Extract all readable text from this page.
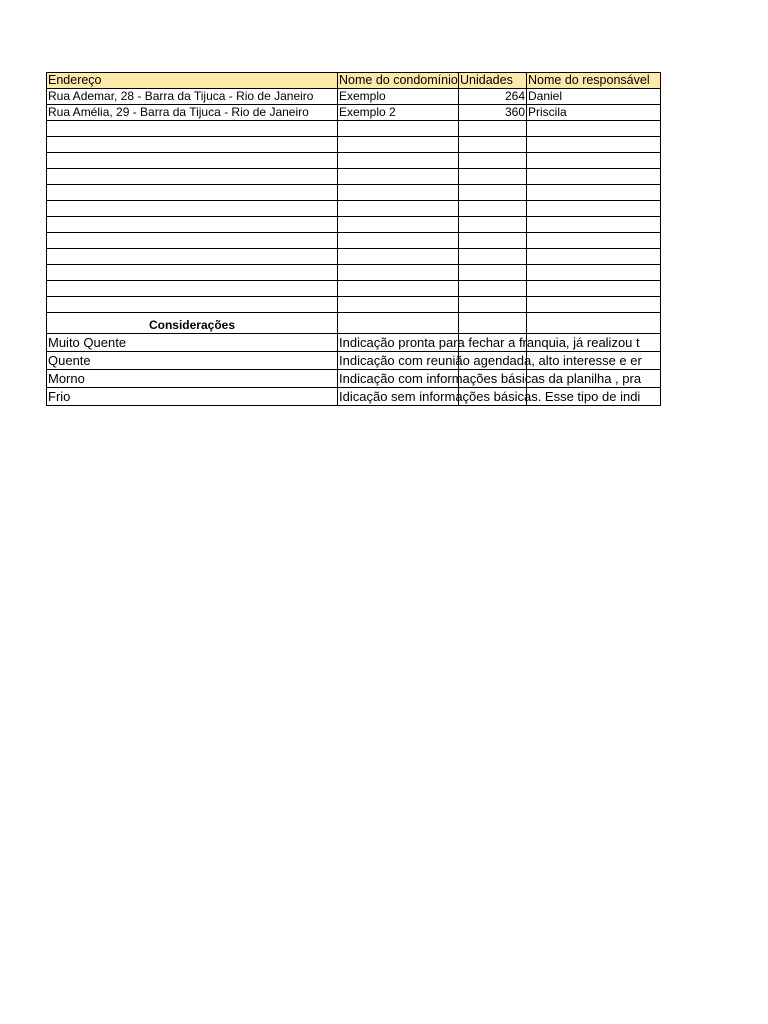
Endereço	Nome do condomínio	Unidades	Nome do responsável
Rua Ademar, 28 - Barra da Tijuca - Rio de Janeiro	Exemplo	264	Daniel
Rua Amélia, 29 - Barra da Tijuca - Rio de Janeiro	Exemplo 2	360	Priscila

Considerações			
Muito Quente	Indicação pronta para fechar a franquia, já realizou t		

Quente	Indicação com reunião agendada, alto interesse e er		

Morno	Indicação com informações básicas da planilha , pra		

Frio	Idicação sem informações básicas. Esse tipo de indi		
